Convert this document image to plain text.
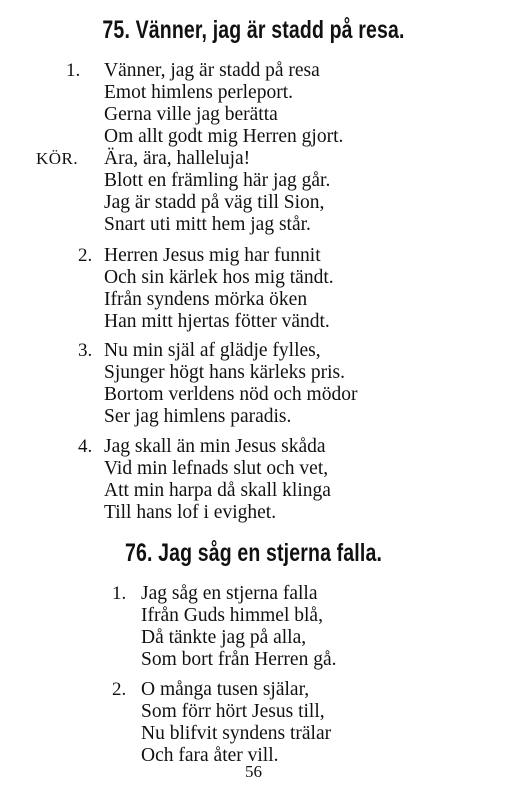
75. Vänner, jag är stadd på resa.
1. Vänner, jag är stadd på resa
Emot himlens perleport.
Gerna ville jag berätta
Om allt godt mig Herren gjort.
KÖR. Ära, ära, halleluja!
Blott en främling här jag går.
Jag är stadd på väg till Sion,
Snart uti mitt hem jag står.
2. Herren Jesus mig har funnit
Och sin kärlek hos mig tändt.
Ifrån syndens mörka öken
Han mitt hjertas fötter vändt.
3. Nu min själ af glädje fylles,
Sjunger högt hans kärleks pris.
Bortom verldens nöd och mödor
Ser jag himlens paradis.
4. Jag skall än min Jesus skåda
Vid min lefnads slut och vet,
Att min harpa då skall klinga
Till hans lof i evighet.
76. Jag såg en stjerna falla.
1. Jag såg en stjerna falla
Ifrån Guds himmel blå,
Då tänkte jag på alla,
Som bort från Herren gå.
2. O många tusen själar,
Som förr hört Jesus till,
Nu blifvit syndens trälar
Och fara åter vill.
56
